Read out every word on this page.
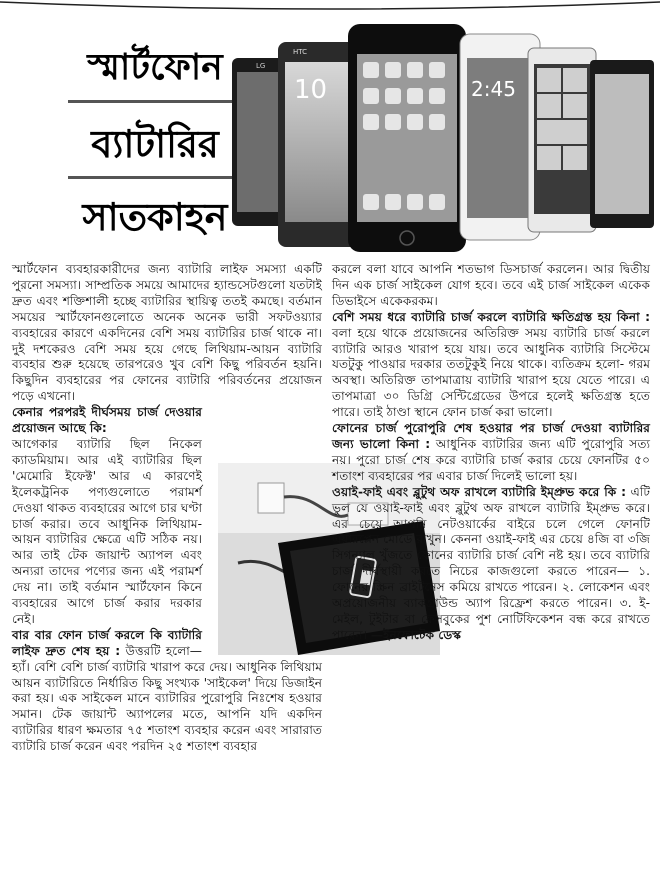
স্মার্টফোন
ব্যাটারির
সাতকাহন
LG
HTC
10	2:45

স্মার্টফোন ব্যবহারকারীদের জন্য ব্যাটারি লাইফ সমস্যা একটি পুরনো সমস্যা। সাম্প্রতিক সময়ে আমাদের হ্যান্ডসেটগুলো যতটাই দ্রুত এবং শক্তিশালী হচ্ছে ব্যাটারির স্থায়িত্ব ততই কমছে। বর্তমান সময়ের স্মার্টফোনগুলোতে অনেক অনেক ভারী সফটওয়্যার ব্যবহারের কারণে একদিনের বেশি সময় ব্যাটারির চার্জ থাকে না। দুই দশকেরও বেশি সময় হয়ে গেছে লিথিয়াম-আয়ন ব্যাটারি ব্যবহার শুরু হয়েছে তারপরেও খুব বেশি কিছু পরিবর্তন হয়নি। কিছুদিন ব্যবহারের পর ফোনের ব্যাটারি পরিবর্তনের প্রয়োজন পড়ে এখনো।

কেনার পরপরই দীর্ঘসময় চার্জ দেওয়ার প্রয়োজন আছে কি:

আগেকার ব্যাটারি ছিল নিকেল ক্যাডমিয়াম। আর এই ব্যাটারির ছিল 'মেমোরি ইফেক্ট' আর এ কারণেই ইলেকট্রনিক পণ্যগুলোতে পরামর্শ দেওয়া থাকত ব্যবহারের আগে চার ঘণ্টা চার্জ করার। তবে আধুনিক লিথিয়াম-আয়ন ব্যাটারির ক্ষেত্রে এটি সঠিক নয়। আর তাই টেক জায়ান্ট অ্যাপল এবং অন্যরা তাদের পণ্যের জন্য এই পরামর্শ দেয় না। তাই বর্তমান স্মার্টফোন কিনে ব্যবহারের আগে চার্জ করার দরকার নেই।

বার বার ফোন চার্জ করলে কি ব্যাটারি লাইফ দ্রুত শেষ হয় : উত্তরটি হলো— হ্যাঁ। বেশি বেশি চার্জ ব্যাটারি খারাপ করে দেয়। আধুনিক লিথিয়াম আয়ন ব্যাটারিতে নির্ধারিত কিছু সংখ্যক 'সাইকেল' দিয়ে ডিজাইন করা হয়। এক সাইকেল মানে ব্যাটারির পুরোপুরি নিঃশেষ হওয়ার সমান। টেক জায়ান্ট অ্যাপলের মতে, আপনি যদি একদিন ব্যাটারির ধারণ ক্ষমতার ৭৫ শতাংশ ব্যবহার করেন এবং সারারাত ব্যাটারি চার্জ করেন এবং পরদিন ২৫ শতাংশ ব্যবহার

করলে বলা যাবে আপনি শতভাগ ডিসচার্জ করলেন। আর দ্বিতীয় দিন এক চার্জ সাইকেল যোগ হবে। তবে এই চার্জ সাইকেল একেক ডিভাইসে একেকরকম।

বেশি সময় ধরে ব্যাটারি চার্জ করলে ব্যাটারি ক্ষতিগ্রস্ত হয় কিনা : বলা হয়ে থাকে প্রয়োজনের অতিরিক্ত সময় ব্যাটারি চার্জ করলে ব্যাটারি আরও খারাপ হয়ে যায়। তবে আধুনিক ব্যাটারি সিস্টেমে যতটুকু পাওয়ার দরকার ততটুকুই নিয়ে থাকে। ব্যতিক্রম হলো- গরম অবস্থা। অতিরিক্ত তাপমাত্রায় ব্যাটারি খারাপ হয়ে যেতে পারে। এ তাপমাত্রা ৩০ ডিগ্রি সেন্টিগ্রেডের উপরে হলেই ক্ষতিগ্রস্ত হতে পারে। তাই ঠাণ্ডা স্থানে ফোন চার্জ করা ভালো।

ফোনের চার্জ পুরোপুরি শেষ হওয়ার পর চার্জ দেওয়া ব্যাটারির জন্য ভালো কিনা : আধুনিক ব্যাটারির জন্য এটি পুরোপুরি সত্য নয়। পুরো চার্জ শেষ করে ব্যাটারি চার্জ করার চেয়ে ফোনটির ৫০ শতাংশ ব্যবহারের পর এবার চার্জ দিলেই ভালো হয়।

ওয়াই-ফাই এবং ব্লুটুথ অফ রাখলে ব্যাটারি ইম্প্রুভ করে কি : এটি ভুল যে ওয়াই-ফাই এবং ব্লুটুথ অফ রাখলে ব্যাটারি ইম্প্রুভ করে। এর চেয়ে আপনি নেটওয়ার্কের বাইরে চলে গেলে ফোনটি এয়ারপ্লেন মোডে রাখুন। কেননা ওয়াই-ফাই এর চেয়ে ৪জি বা ৩জি সিগন্যাল খুঁজতে ফোনের ব্যাটারি চার্জ বেশি নষ্ট হয়। তবে ব্যাটারি চার্জ দীর্ঘস্থায়ী করতে নিচের কাজগুলো করতে পারেন— ১. ফোনের স্ক্রিন ব্রাইটনেস কমিয়ে রাখতে পারেন। ২. লোকেশন এবং অপ্রয়োজনীয় ব্যাকগ্রাউন্ড অ্যাপ রিফ্রেশ করতে পারেন। ৩. ই-মেইল, টুইটার বা ফেসবুকের পুশ নোটিফিকেশন বন্ধ করে রাখতে পারেন। —ইনফোটেক ডেস্ক
